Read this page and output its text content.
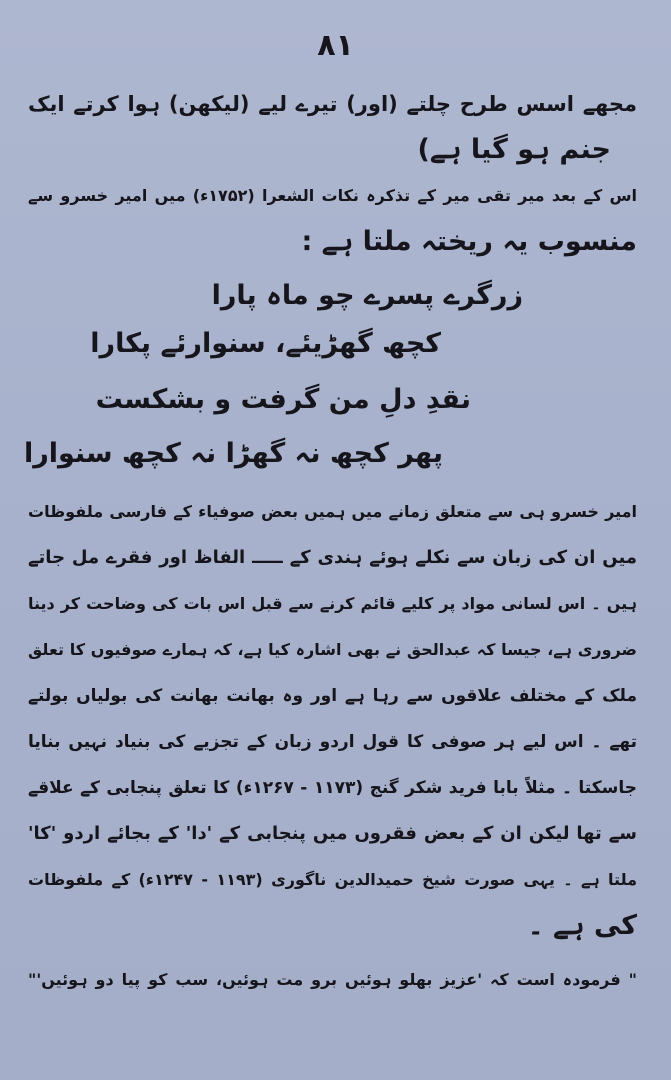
۸۱
مجھے اسس طرح چلتے (اور) تیرے لیے (لیکھن) ہوا کرتے ایک
جنم ہو گیا ہے)
اس کے بعد میر تقی میر کے تذکرہ نکات الشعرا (۱۷۵۲ء) میں امیر خسرو سے
منسوب یہ ریختہ ملتا ہے :
زرگرے پسرے چو ماہ پارا
کچھ گھڑیئے، سنوارئے پکارا
نقدِ دلِ من گرفت و بشکست
پھر کچھ نہ گھڑا نہ کچھ سنوارا
امیر خسرو ہی سے متعلق زمانے میں ہمیں بعض صوفیاء کے فارسی ملفوظات
میں ان کی زبان سے نکلے ہوئے ہندی کے ـــــ الفاظ اور فقرے مل جاتے
ہیں ۔ اس لسانی مواد پر کلیے قائم کرنے سے قبل اس بات کی وضاحت کر دینا
ضروری ہے، جیسا کہ عبدالحق نے بھی اشارہ کیا ہے، کہ ہمارے صوفیوں کا تعلق
ملک کے مختلف علاقوں سے رہا ہے اور وہ بھانت بھانت کی بولیاں بولتے
تھے ۔ اس لیے ہر صوفی کا قول اردو زبان کے تجزیے کی بنیاد نہیں بنایا
جاسکتا ۔ مثلاً بابا فرید شکر گنج (۱۱۷۳ - ۱۲۶۷ء) کا تعلق پنجابی کے علاقے
سے تھا لیکن ان کے بعض فقروں میں پنجابی کے 'دا' کے بجائے اردو 'کا'
ملتا ہے ۔ یہی صورت شیخ حمیدالدین ناگوری (۱۱۹۳ - ۱۲۴۷ء) کے ملفوظات
کی ہے ۔
" فرمودہ است کہ 'عزیز بھلو ہوئیں برو مت ہوئیں، سب کو پیا دو ہوئیں'"
